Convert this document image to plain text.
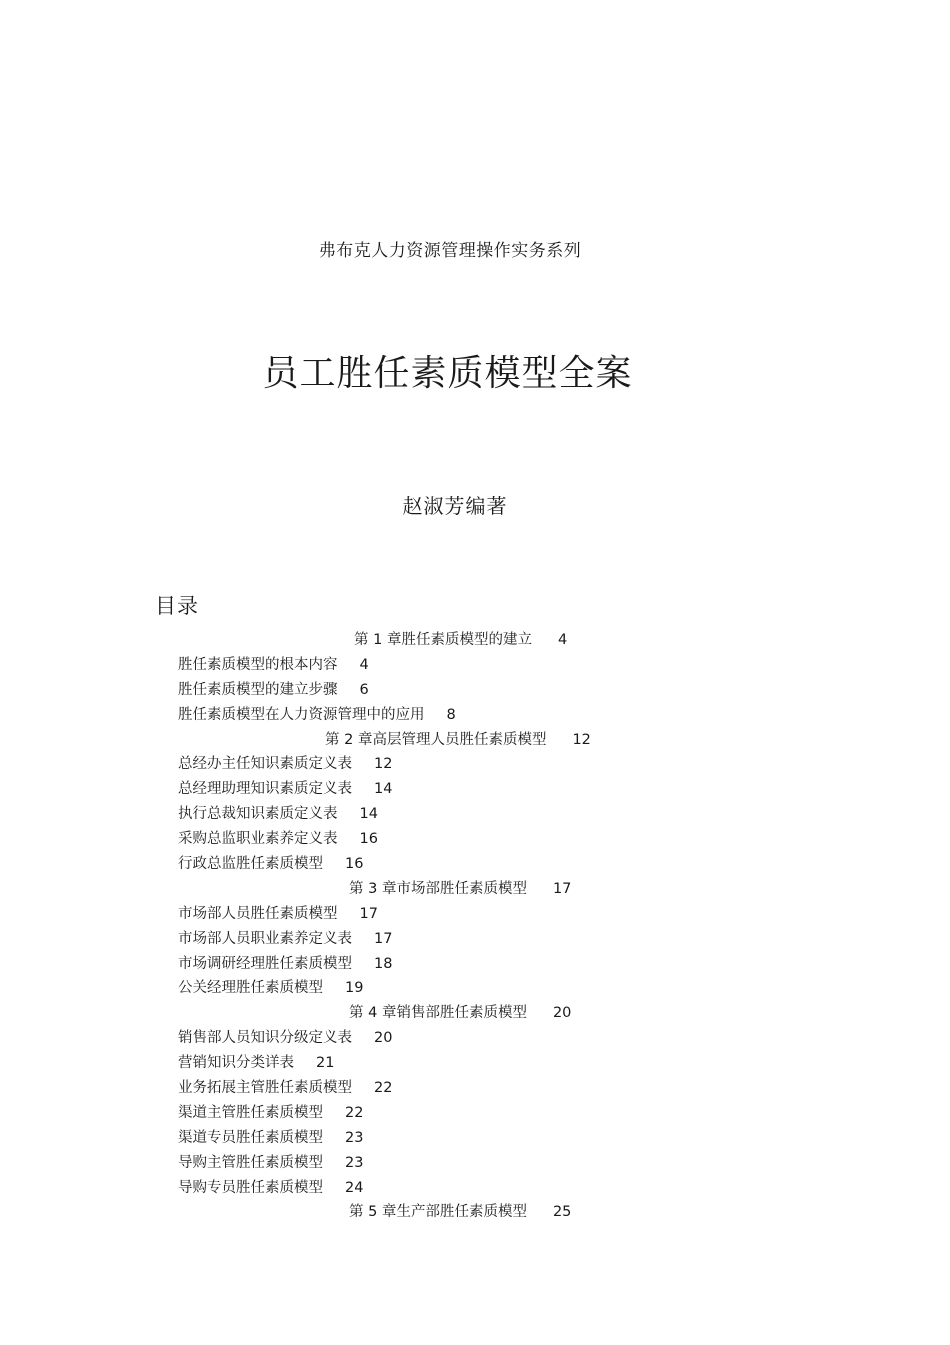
弗布克人力资源管理操作实务系列
员工胜任素质模型全案
赵淑芳编著
目录
第 1 章胜任素质模型的建立 4
胜任素质模型的根本内容 4
胜任素质模型的建立步骤 6
胜任素质模型在人力资源管理中的应用 8
第 2 章高层管理人员胜任素质模型 12
总经办主任知识素质定义表 12
总经理助理知识素质定义表 14
执行总裁知识素质定义表 14
采购总监职业素养定义表 16
行政总监胜任素质模型 16
第 3 章市场部胜任素质模型 17
市场部人员胜任素质模型 17
市场部人员职业素养定义表 17
市场调研经理胜任素质模型 18
公关经理胜任素质模型 19
第 4 章销售部胜任素质模型 20
销售部人员知识分级定义表 20
营销知识分类详表 21
业务拓展主管胜任素质模型 22
渠道主管胜任素质模型 22
渠道专员胜任素质模型 23
导购主管胜任素质模型 23
导购专员胜任素质模型 24
第 5 章生产部胜任素质模型 25
